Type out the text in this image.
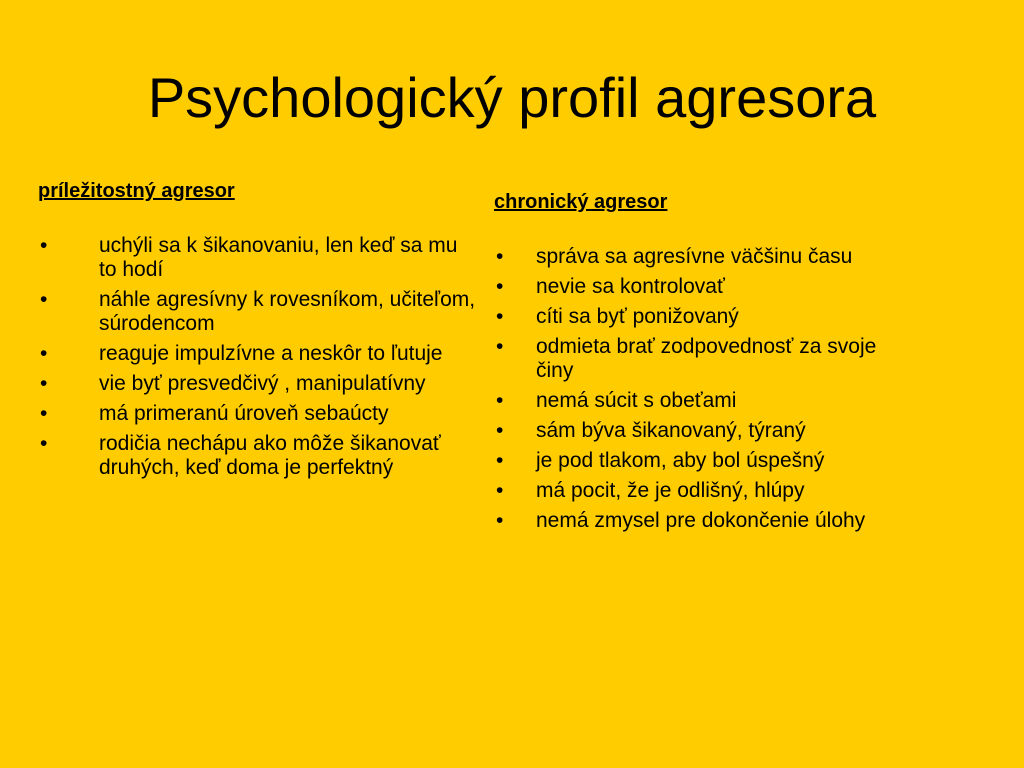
Psychologický profil agresora
príležitostný agresor
• uchýli sa k šikanovaniu, len keď sa mu to hodí
• náhle agresívny k rovesníkom, učiteľom, súrodencom
• reaguje impulzívne a neskôr to ľutuje
• vie byť presvedčivý , manipulatívny
• má primeranú úroveň sebaúcty
• rodičia nechápu ako môže šikanovať druhých, keď doma je perfektný
chronický agresor
• správa sa agresívne väčšinu času
• nevie sa kontrolovať
• cíti sa byť ponižovaný
• odmieta brať zodpovednosť za svoje činy
• nemá súcit s obeťami
• sám býva šikanovaný, týraný
• je pod tlakom, aby bol úspešný
• má pocit, že je odlišný, hlúpy
• nemá zmysel pre dokončenie úlohy
